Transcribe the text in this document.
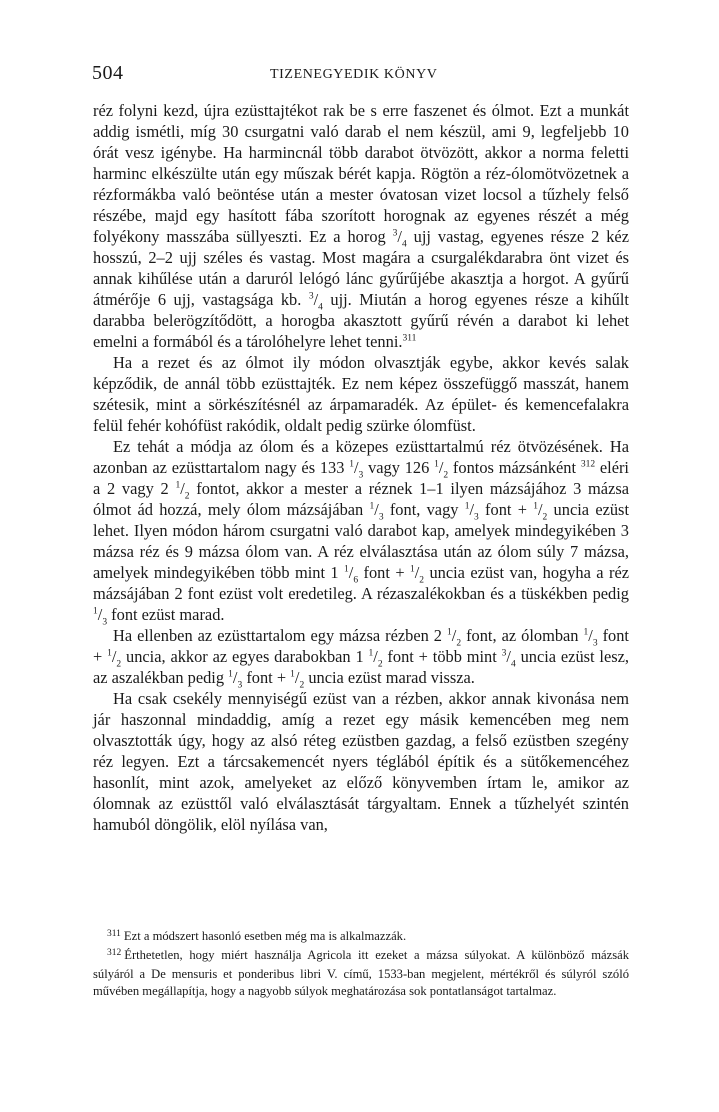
504	TIZENEGYEDIK KÖNYV

réz folyni kezd, újra ezüsttajtékot rak be s erre faszenet és ólmot. Ezt a munkát addig ismétli, míg 30 csurgatni való darab el nem készül, ami 9, legfeljebb 10 órát vesz igénybe. Ha harmincnál több darabot ötvözött, akkor a norma feletti harminc elkészülte után egy műszak bérét kapja. Rögtön a réz-ólomötvözetnek a rézformákba való beöntése után a mester óvatosan vizet locsol a tűzhely felső részébe, majd egy hasított fába szorított horognak az egyenes részét a még folyékony masszába süllyeszti. Ez a horog $^3/_4$ ujj vastag, egyenes része 2 kéz hosszú, 2–2 ujj széles és vastag. Most magára a csurgalékdarabra önt vizet és annak kihűlése után a daruról lelógó lánc gyűrűjébe akasztja a horgot. A gyűrű átmérője 6 ujj, vastagsága kb. $^3/_4$ ujj. Miután a horog egyenes része a kihűlt darabba belerögzítődött, a horogba akasztott gyűrű révén a darabot ki lehet emelni a formából és a tárolóhelyre lehet tenni.$^{311}$

Ha a rezet és az ólmot ily módon olvasztják egybe, akkor kevés salak képződik, de annál több ezüsttajték. Ez nem képez összefüggő masszát, hanem szétesik, mint a sörkészítésnél az árpamaradék. Az épület- és kemencefalakra felül fehér kohófüst rakódik, oldalt pedig szürke ólomfüst.

Ez tehát a módja az ólom és a közepes ezüsttartalmú réz ötvözésének. Ha azonban az ezüsttartalom nagy és 133 $^1/_3$ vagy 126 $^1/_2$ fontos mázsánként $^{312}$ eléri a 2 vagy 2 $^1/_2$ fontot, akkor a mester a réznek 1–1 ilyen mázsájához 3 mázsa ólmot ád hozzá, mely ólom mázsájában $^1/_3$ font, vagy $^1/_3$ font + $^1/_2$ uncia ezüst lehet. Ilyen módon három csurgatni való darabot kap, amelyek mindegyikében 3 mázsa réz és 9 mázsa ólom van. A réz elválasztása után az ólom súly 7 mázsa, amelyek mindegyikében több mint 1 $^1/_6$ font + $^1/_2$ uncia ezüst van, hogyha a réz mázsájában 2 font ezüst volt eredetileg. A rézaszalékokban és a tüskékben pedig $^1/_3$ font ezüst marad.

Ha ellenben az ezüsttartalom egy mázsa rézben 2 $^1/_2$ font, az ólomban $^1/_3$ font + $^1/_2$ uncia, akkor az egyes darabokban 1 $^1/_2$ font + több mint $^3/_4$ uncia ezüst lesz, az aszalékban pedig $^1/_3$ font + $^1/_2$ uncia ezüst marad vissza.

Ha csak csekély mennyiségű ezüst van a rézben, akkor annak kivonása nem jár haszonnal mindaddig, amíg a rezet egy másik kemencében meg nem olvasztották úgy, hogy az alsó réteg ezüstben gazdag, a felső ezüstben szegény réz legyen. Ezt a tárcsakemencét nyers téglából építik és a sütőkemencéhez hasonlít, mint azok, amelyeket az előző könyvemben írtam le, amikor az ólomnak az ezüsttől való elválasztását tárgyaltam. Ennek a tűzhelyét szintén hamuból döngölik, elöl nyílása van,

$^{311}$ Ezt a módszert hasonló esetben még ma is alkalmazzák.

$^{312}$ Érthetetlen, hogy miért használja Agricola itt ezeket a mázsa súlyokat. A különböző mázsák súlyáról a De mensuris et ponderibus libri V. című, 1533-ban megjelent, mértékről és súlyról szóló művében megállapítja, hogy a nagyobb súlyok meghatározása sok pontatlanságot tartalmaz.
